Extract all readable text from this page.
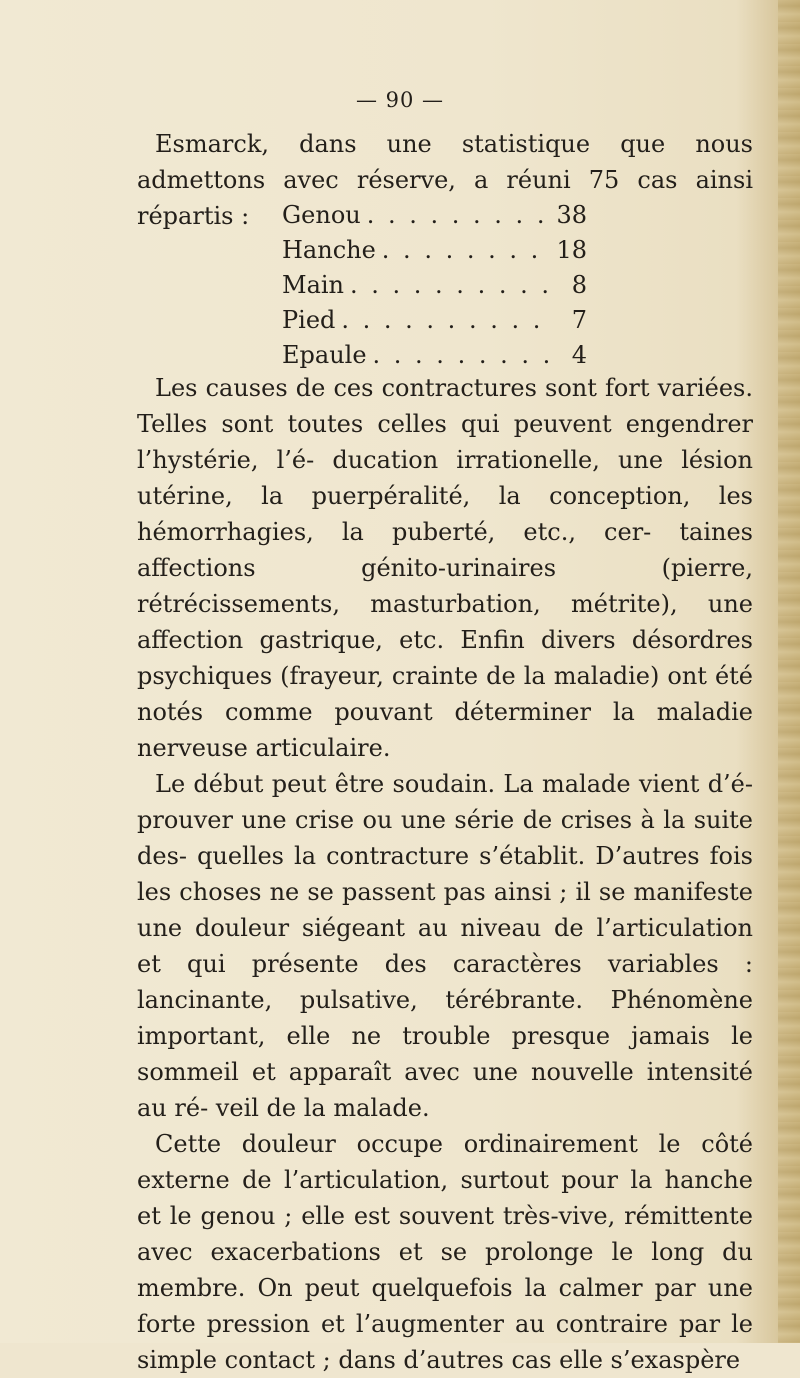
— 90 —

Esmarck, dans une statistique que nous admettons avec réserve, a réuni 75 cas ainsi répartis :	Genou . . .	38
Hanche . . .	18
Main . . .	8
Pied . . .	7
Epaule . . .	4

Les causes de ces contractures sont fort variées. Telles sont toutes celles qui peuvent engendrer l’hystérie, l’é- ducation irrationelle, une lésion utérine, la puerpéralité, la conception, les hémorrhagies, la puberté, etc., cer- taines affections génito-urinaires (pierre, rétrécissements, masturbation, métrite), une affection gastrique, etc. Enfin divers désordres psychiques (frayeur, crainte de la maladie) ont été notés comme pouvant déterminer la maladie nerveuse articulaire.

Le début peut être soudain. La malade vient d’é- prouver une crise ou une série de crises à la suite des- quelles la contracture s’établit. D’autres fois les choses ne se passent pas ainsi ; il se manifeste une douleur siégeant au niveau de l’articulation et qui présente des caractères variables : lancinante, pulsative, térébrante. Phénomène important, elle ne trouble presque jamais le sommeil et apparaît avec une nouvelle intensité au ré- veil de la malade.

Cette douleur occupe ordinairement le côté externe de l’articulation, surtout pour la hanche et le genou ; elle est souvent très-vive, rémittente avec exacerbations et se prolonge le long du membre. On peut quelquefois la calmer par une forte pression et l’augmenter au contraire par le simple contact ; dans d’autres cas elle s’exaspère
